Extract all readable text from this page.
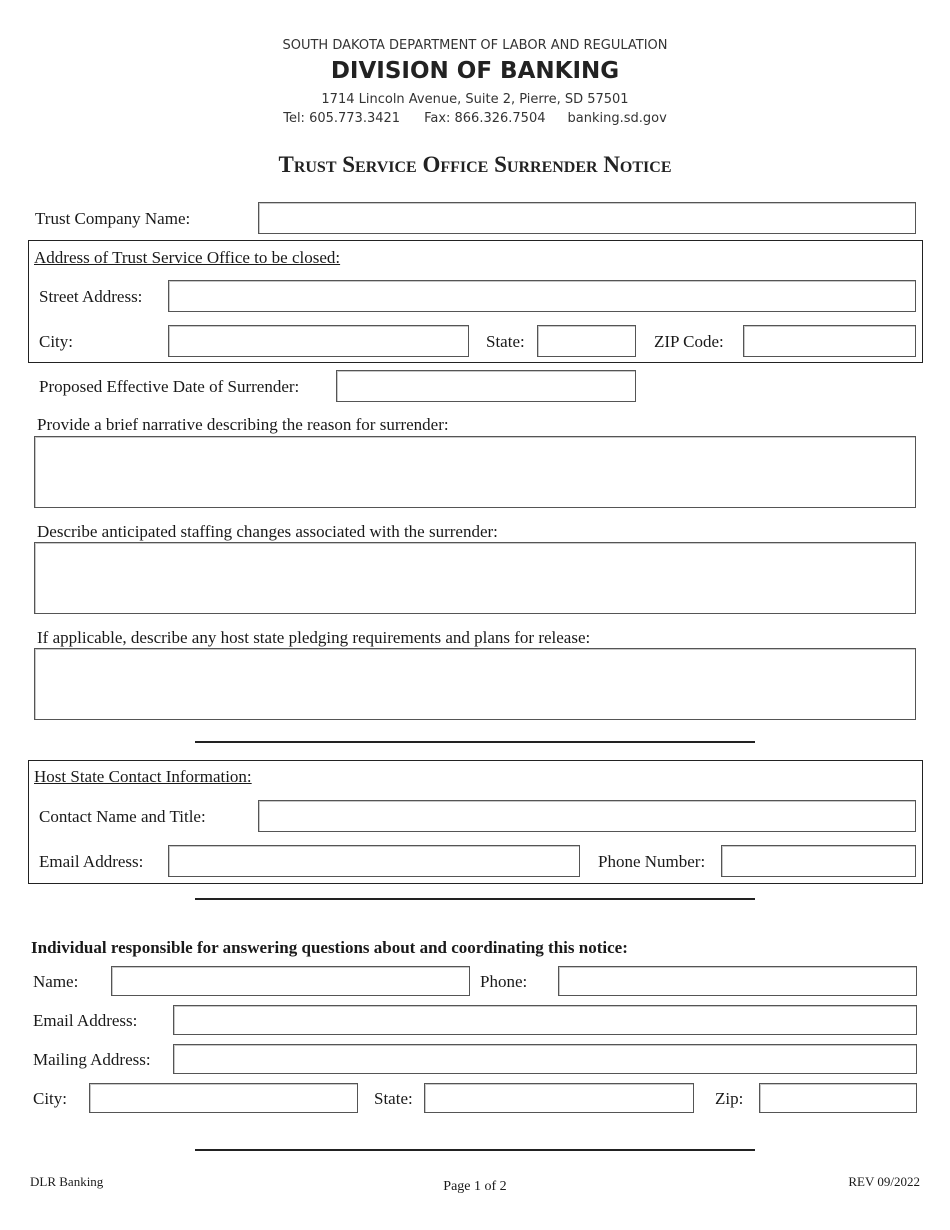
SOUTH DAKOTA DEPARTMENT OF LABOR AND REGULATION
DIVISION OF BANKING
1714 Lincoln Avenue, Suite 2, Pierre, SD 57501
Tel: 605.773.3421 Fax: 866.326.7504 banking.sd.gov
Trust Service Office Surrender Notice
Trust Company Name:
Address of Trust Service Office to be closed:
Street Address:
City:	State:	ZIP Code:
Proposed Effective Date of Surrender:
Provide a brief narrative describing the reason for surrender:
Describe anticipated staffing changes associated with the surrender:
If applicable, describe any host state pledging requirements and plans for release:
Host State Contact Information:
Contact Name and Title:
Email Address:	Phone Number:
Individual responsible for answering questions about and coordinating this notice:
Name:	Phone:
Email Address:
Mailing Address:
City:	State:	Zip:
DLR Banking	Page 1 of 2	REV 09/2022
